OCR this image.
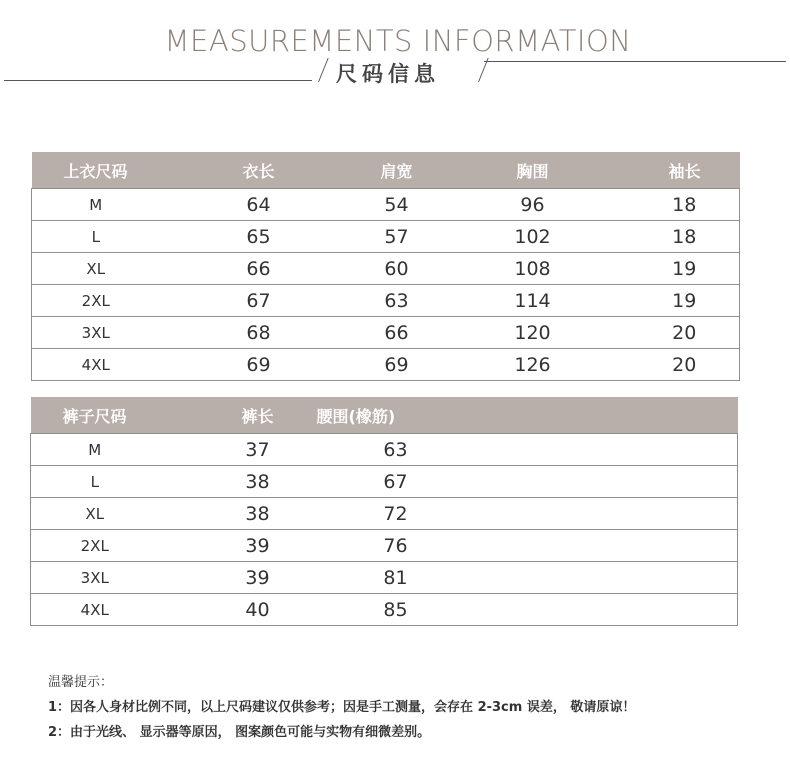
MEASUREMENTS INFORMATION
尺码信息
上衣尺码	衣长	肩宽	胸围	袖长
M	64	54	96	18
L	65	57	102	18
XL	66	60	108	19
2XL	67	63	114	19
3XL	68	66	120	20
4XL	69	69	126	20
裤子尺码	裤长	腰围(橡筋)	
M	37	63	
L	38	67	
XL	38	72	
2XL	39	76	
3XL	39	81	
4XL	40	85	
温馨提示：
1：因各人身材比例不同，以上尺码建议仅供参考；因是手工测量，会存在 2-3cm 误差， 敬请原谅！
2：由于光线、 显示器等原因， 图案颜色可能与实物有细微差别。
